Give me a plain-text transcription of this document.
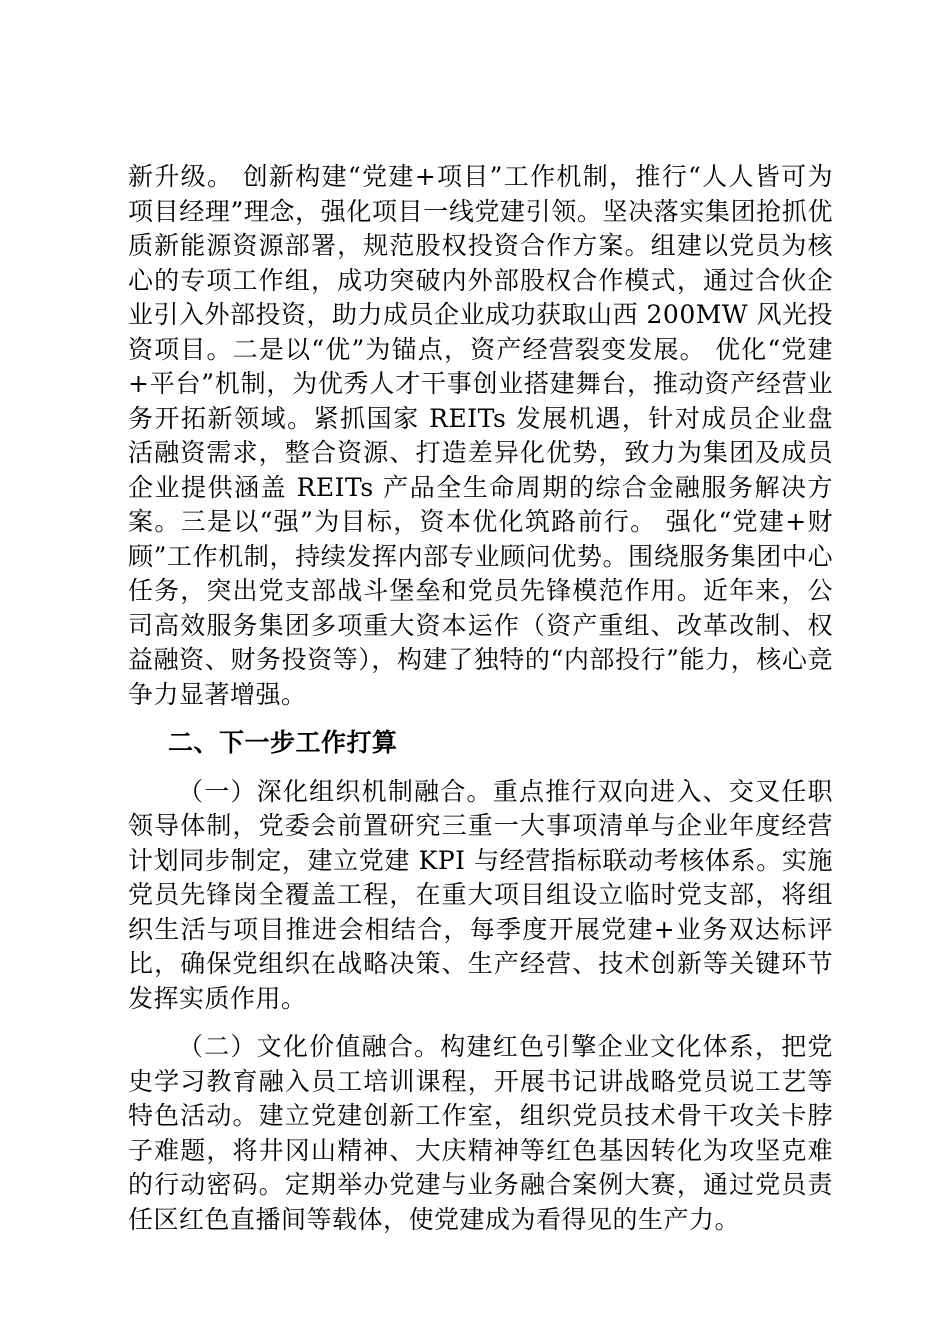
新升级。 创新构建“党建+项目”工作机制，推行“人人皆可为项目经理”理念，强化项目一线党建引领。坚决落实集团抢抓优质新能源资源部署，规范股权投资合作方案。组建以党员为核心的专项工作组，成功突破内外部股权合作模式，通过合伙企业引入外部投资，助力成员企业成功获取山西 200MW 风光投资项目。二是以“优”为锚点，资产经营裂变发展。 优化“党建+平台”机制，为优秀人才干事创业搭建舞台，推动资产经营业务开拓新领域。紧抓国家 REITs 发展机遇，针对成员企业盘活融资需求，整合资源、打造差异化优势，致力为集团及成员企业提供涵盖 REITs 产品全生命周期的综合金融服务解决方案。三是以“强”为目标，资本优化筑路前行。 强化“党建+财顾”工作机制，持续发挥内部专业顾问优势。围绕服务集团中心任务，突出党支部战斗堡垒和党员先锋模范作用。近年来，公司高效服务集团多项重大资本运作（资产重组、改革改制、权益融资、财务投资等），构建了独特的“内部投行”能力，核心竞争力显著增强。

二、下一步工作打算

（一）深化组织机制融合。重点推行双向进入、交叉任职领导体制，党委会前置研究三重一大事项清单与企业年度经营计划同步制定，建立党建 KPI 与经营指标联动考核体系。实施党员先锋岗全覆盖工程，在重大项目组设立临时党支部，将组织生活与项目推进会相结合，每季度开展党建+业务双达标评比，确保党组织在战略决策、生产经营、技术创新等关键环节发挥实质作用。

（二）文化价值融合。构建红色引擎企业文化体系，把党史学习教育融入员工培训课程，开展书记讲战略党员说工艺等特色活动。建立党建创新工作室，组织党员技术骨干攻关卡脖子难题，将井冈山精神、大庆精神等红色基因转化为攻坚克难的行动密码。定期举办党建与业务融合案例大赛，通过党员责任区红色直播间等载体，使党建成为看得见的生产力。
